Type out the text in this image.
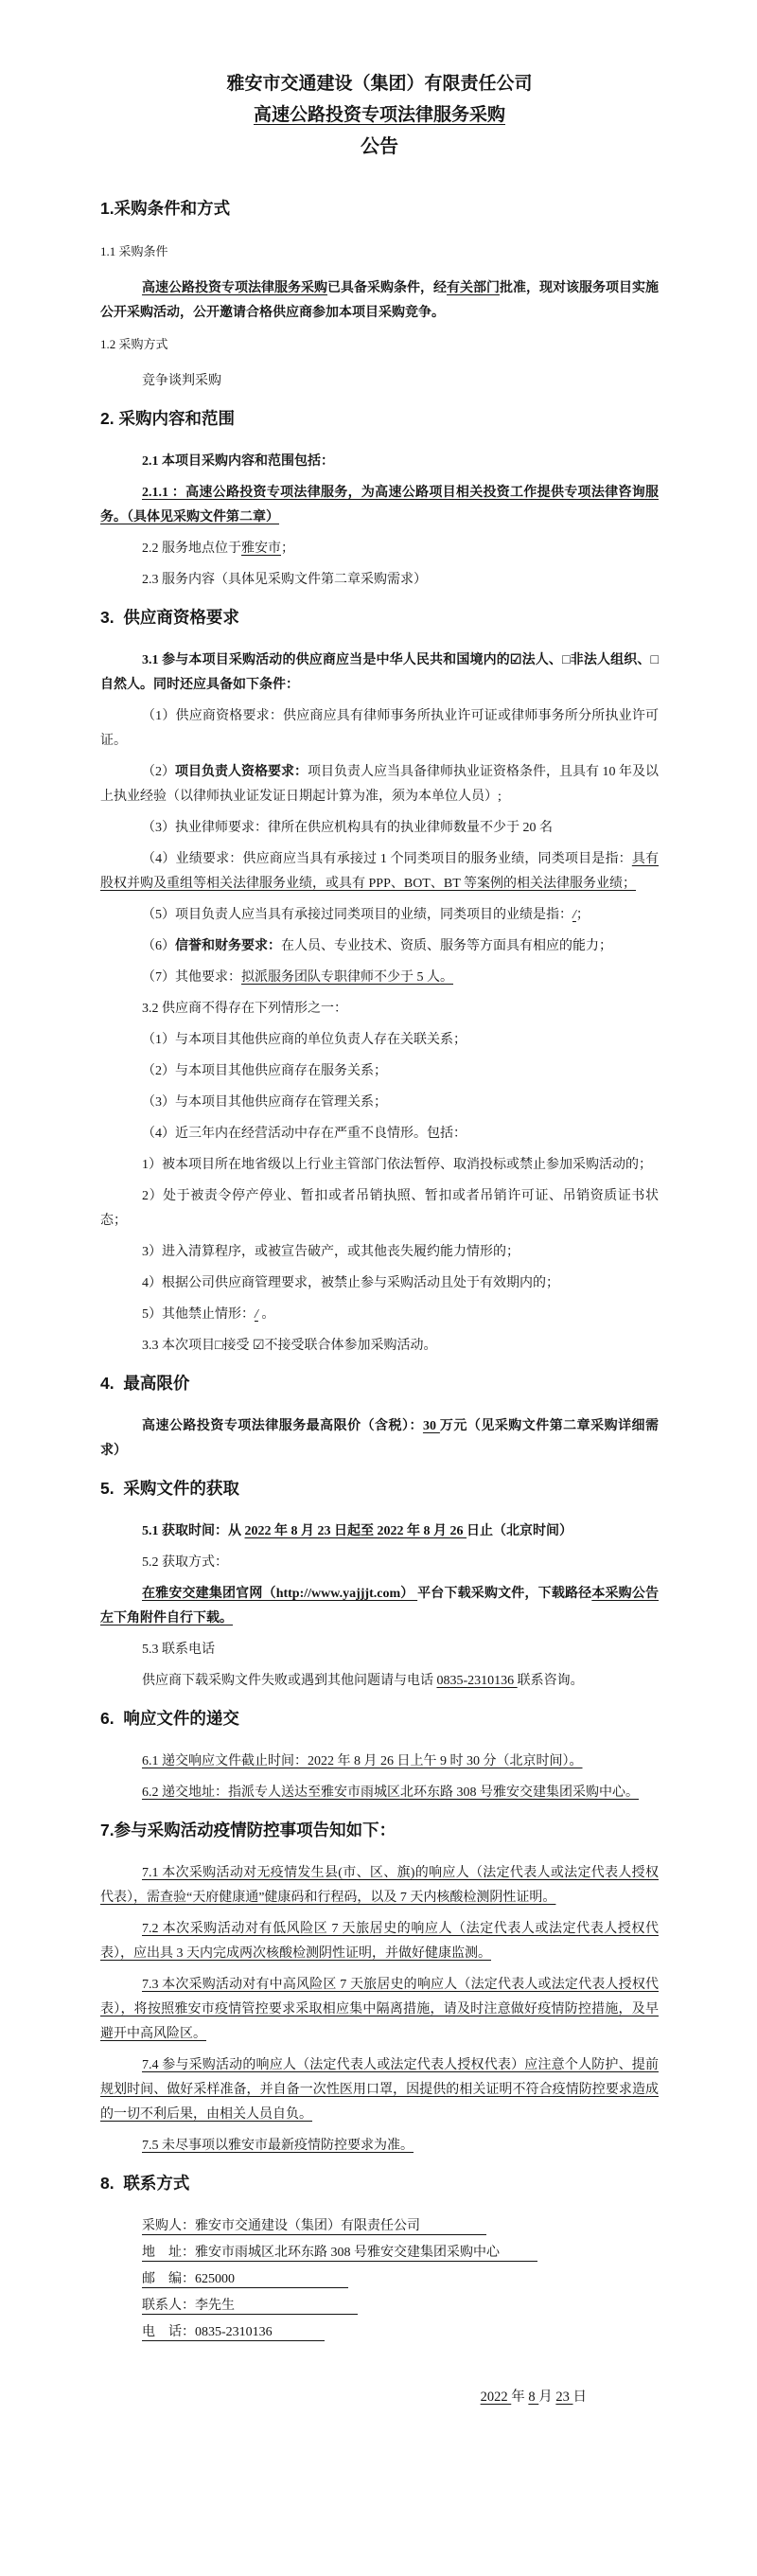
雅安市交通建设（集团）有限责任公司
高速公路投资专项法律服务采购
公告

1.采购条件和方式

1.1 采购条件

高速公路投资专项法律服务采购已具备采购条件，经有关部门批准，现对该服务项目实施公开采购活动，公开邀请合格供应商参加本项目采购竞争。

1.2 采购方式

竞争谈判采购

2. 采购内容和范围

2.1 本项目采购内容和范围包括：

2.1.1 ：高速公路投资专项法律服务，为高速公路项目相关投资工作提供专项法律咨询服务。（具体见采购文件第二章）

2.2 服务地点位于雅安市；

2.3 服务内容（具体见采购文件第二章采购需求）

3.  供应商资格要求

3.1 参与本项目采购活动的供应商应当是中华人民共和国境内的☑法人、□非法人组织、□自然人。同时还应具备如下条件：

（1）供应商资格要求：供应商应具有律师事务所执业许可证或律师事务所分所执业许可证。

（2）项目负责人资格要求：项目负责人应当具备律师执业证资格条件，且具有 10 年及以上执业经验（以律师执业证发证日期起计算为准，须为本单位人员）;

（3）执业律师要求：律所在供应机构具有的执业律师数量不少于 20 名

（4）业绩要求：供应商应当具有承接过 1 个同类项目的服务业绩，同类项目是指：具有股权并购及重组等相关法律服务业绩，或具有 PPP、BOT、BT 等案例的相关法律服务业绩；

（5）项目负责人应当具有承接过同类项目的业绩，同类项目的业绩是指：/；

（6）信誉和财务要求：在人员、专业技术、资质、服务等方面具有相应的能力；

（7）其他要求：拟派服务团队专职律师不少于 5 人。

3.2 供应商不得存在下列情形之一：

（1）与本项目其他供应商的单位负责人存在关联关系；

（2）与本项目其他供应商存在服务关系；

（3）与本项目其他供应商存在管理关系；

（4）近三年内在经营活动中存在严重不良情形。包括：

1）被本项目所在地省级以上行业主管部门依法暂停、取消投标或禁止参加采购活动的；

2）处于被责令停产停业、暂扣或者吊销执照、暂扣或者吊销许可证、吊销资质证书状态；

3）进入清算程序，或被宣告破产，或其他丧失履约能力情形的；

4）根据公司供应商管理要求，被禁止参与采购活动且处于有效期内的；

5）其他禁止情形：/ 。

3.3 本次项目□接受 ☑不接受联合体参加采购活动。

4.  最高限价

高速公路投资专项法律服务最高限价（含税）：30 万元（见采购文件第二章采购详细需求）

5.  采购文件的获取

5.1 获取时间：从 2022 年 8 月 23 日起至 2022 年 8 月 26 日止（北京时间）

5.2 获取方式：

在雅安交建集团官网（http://www.yajjjt.com） 平台下载采购文件，下载路径本采购公告左下角附件自行下载。

5.3 联系电话

供应商下载采购文件失败或遇到其他问题请与电话 0835-2310136 联系咨询。

6.  响应文件的递交

6.1 递交响应文件截止时间：2022 年 8 月 26 日上午 9 时 30 分（北京时间）。

6.2 递交地址：指派专人送达至雅安市雨城区北环东路 308 号雅安交建集团采购中心。

7.参与采购活动疫情防控事项告知如下：

7.1 本次采购活动对无疫情发生县(市、区、旗)的响应人（法定代表人或法定代表人授权代表），需查验“天府健康通”健康码和行程码，以及 7 天内核酸检测阴性证明。

7.2 本次采购活动对有低风险区 7 天旅居史的响应人（法定代表人或法定代表人授权代表），应出具 3 天内完成两次核酸检测阴性证明，并做好健康监测。

7.3 本次采购活动对有中高风险区 7 天旅居史的响应人（法定代表人或法定代表人授权代表），将按照雅安市疫情管控要求采取相应集中隔离措施，请及时注意做好疫情防控措施，及早避开中高风险区。

7.4 参与采购活动的响应人（法定代表人或法定代表人授权代表）应注意个人防护、提前规划时间、做好采样准备，并自备一次性医用口罩，因提供的相关证明不符合疫情防控要求造成的一切不利后果，由相关人员自负。

7.5 未尽事项以雅安市最新疫情防控要求为准。

8.  联系方式

采购人：雅安市交通建设（集团）有限责任公司

地　址：雅安市雨城区北环东路 308 号雅安交建集团采购中心

邮　编：625000

联系人：李先生

电　话：0835-2310136

2022 年 8 月 23 日
